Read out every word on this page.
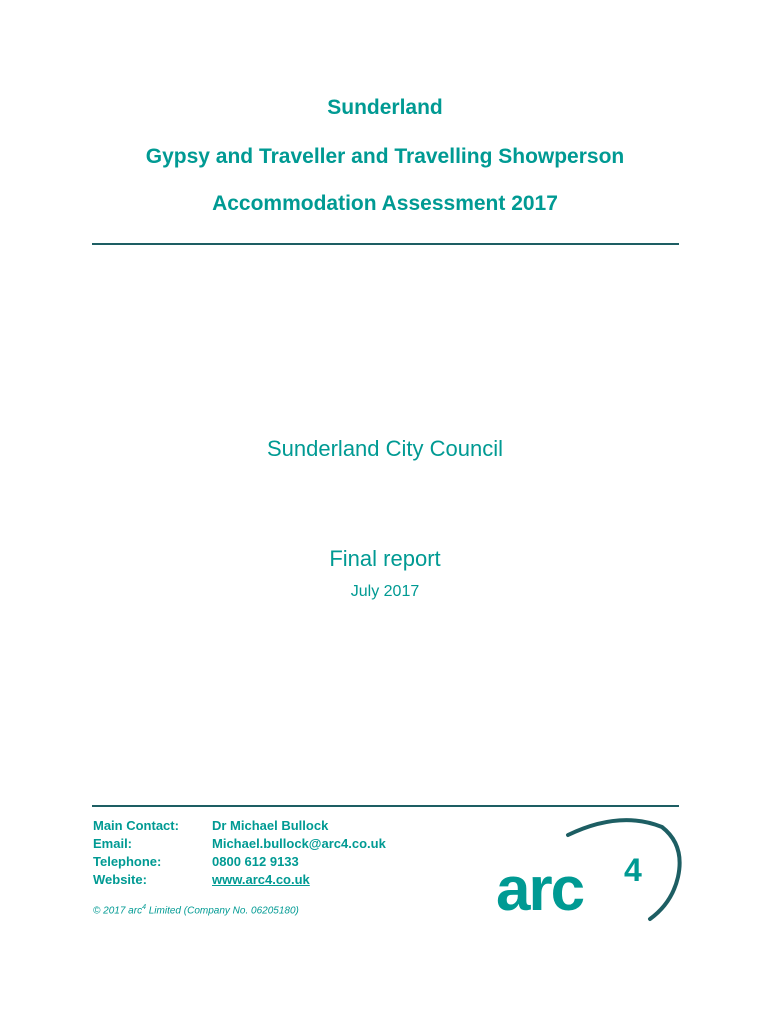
Sunderland
Gypsy and Traveller and Travelling Showperson
Accommodation Assessment 2017
Sunderland City Council
Final report
July 2017
Main Contact:	Dr Michael Bullock
Email:	Michael.bullock@arc4.co.uk
Telephone:	0800 612 9133
Website:	www.arc4.co.uk
© 2017 arc$^4$ Limited (Company No. 06205180)	arc 4
